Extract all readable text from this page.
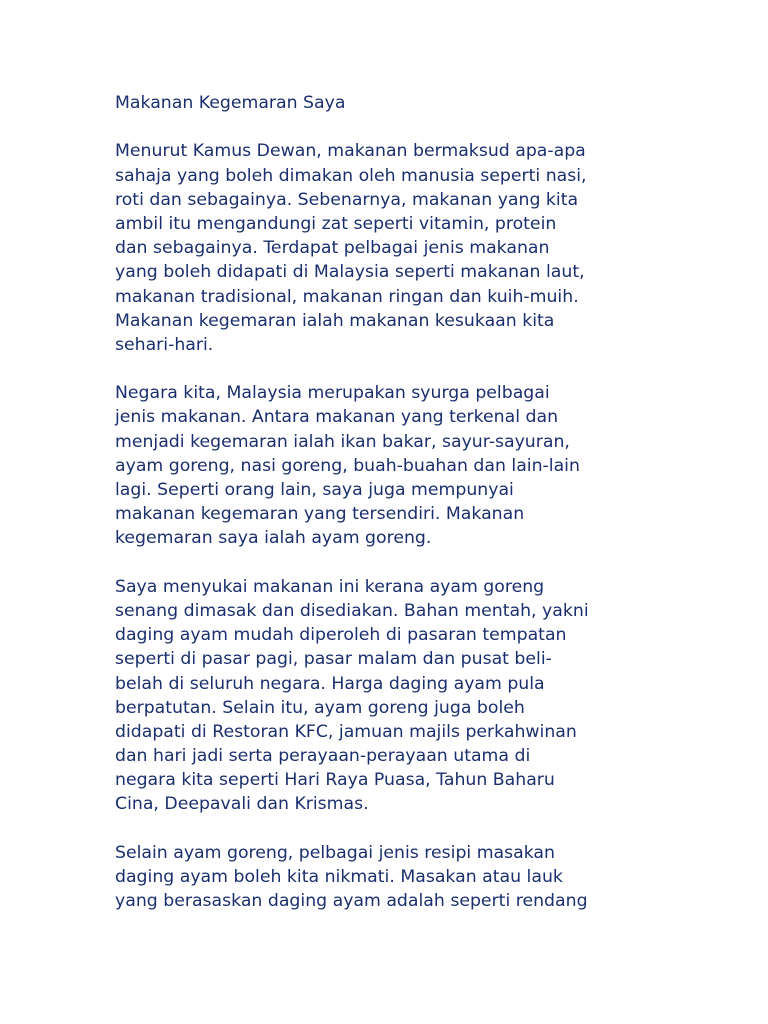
Makanan Kegemaran Saya

Menurut Kamus Dewan, makanan bermaksud apa-apa
sahaja yang boleh dimakan oleh manusia seperti nasi,
roti dan sebagainya. Sebenarnya, makanan yang kita
ambil itu mengandungi zat seperti vitamin, protein
dan sebagainya. Terdapat pelbagai jenis makanan
yang boleh didapati di Malaysia seperti makanan laut,
makanan tradisional, makanan ringan dan kuih-muih.
Makanan kegemaran ialah makanan kesukaan kita
sehari-hari.

Negara kita, Malaysia merupakan syurga pelbagai
jenis makanan. Antara makanan yang terkenal dan
menjadi kegemaran ialah ikan bakar, sayur-sayuran,
ayam goreng, nasi goreng, buah-buahan dan lain-lain
lagi. Seperti orang lain, saya juga mempunyai
makanan kegemaran yang tersendiri. Makanan
kegemaran saya ialah ayam goreng.

Saya menyukai makanan ini kerana ayam goreng
senang dimasak dan disediakan. Bahan mentah, yakni
daging ayam mudah diperoleh di pasaran tempatan
seperti di pasar pagi, pasar malam dan pusat beli-
belah di seluruh negara. Harga daging ayam pula
berpatutan. Selain itu, ayam goreng juga boleh
didapati di Restoran KFC, jamuan majils perkahwinan
dan hari jadi serta perayaan-perayaan utama di
negara kita seperti Hari Raya Puasa, Tahun Baharu
Cina, Deepavali dan Krismas.

Selain ayam goreng, pelbagai jenis resipi masakan
daging ayam boleh kita nikmati. Masakan atau lauk
yang berasaskan daging ayam adalah seperti rendang
